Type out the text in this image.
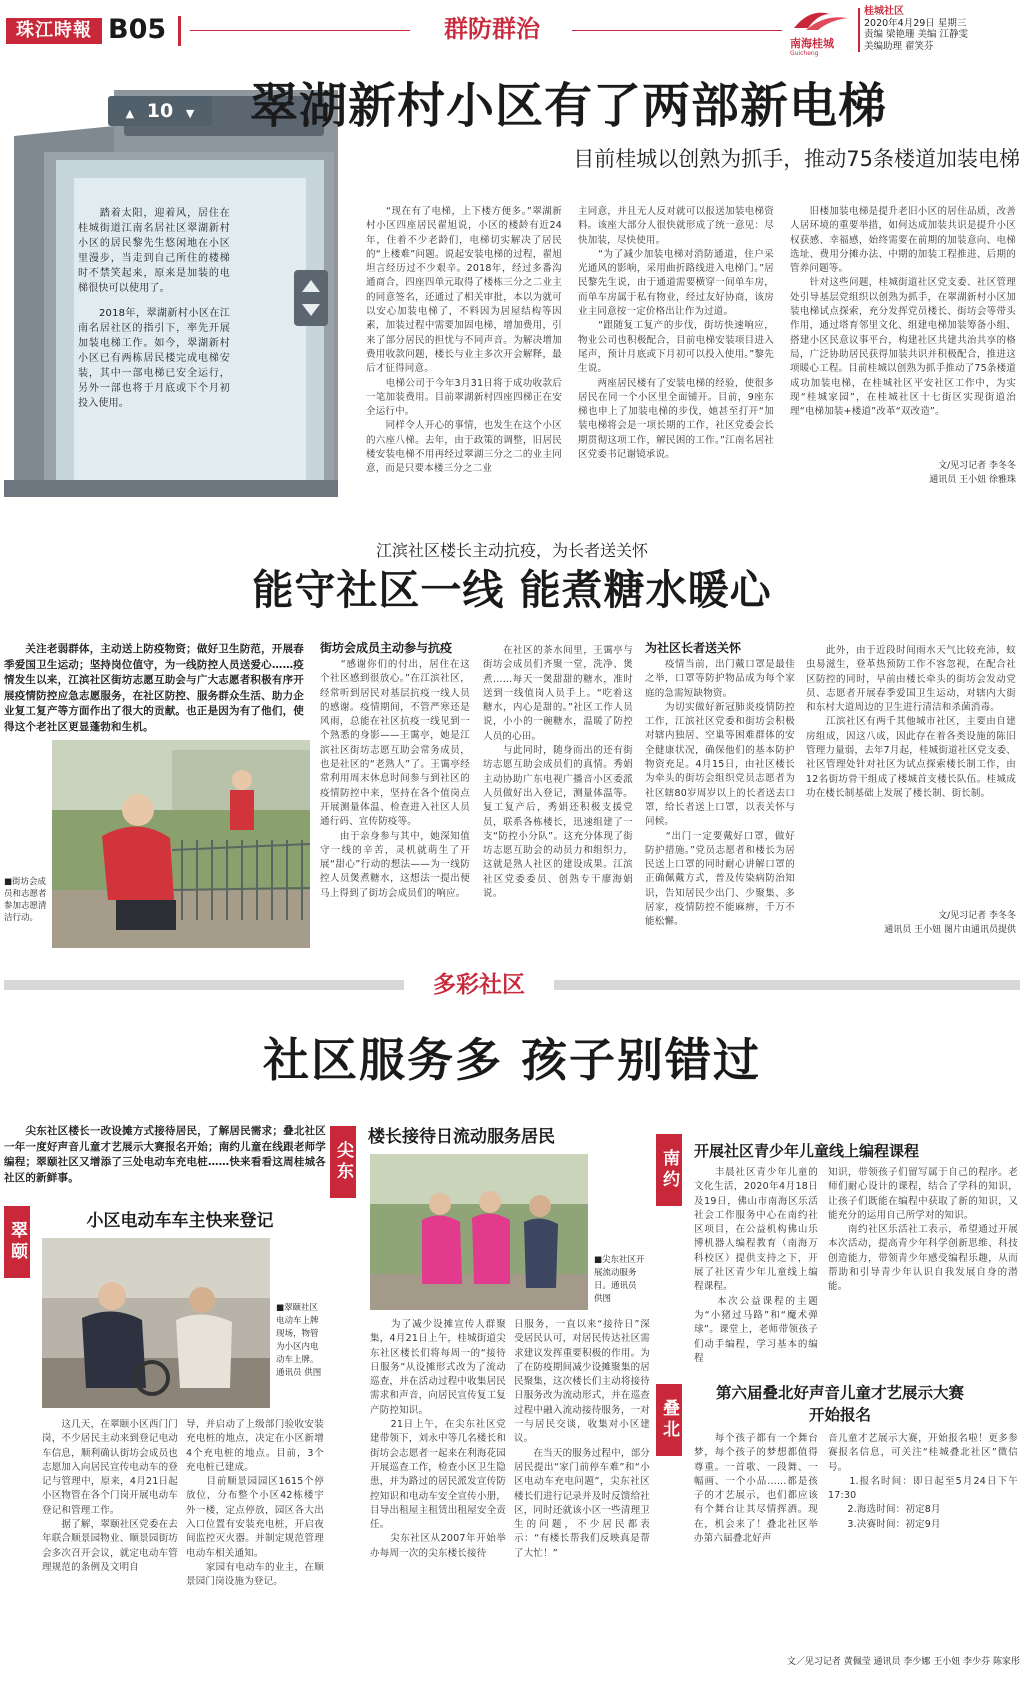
珠江時報 B05	群防群治
南海桂城
Guicheng
桂城社区
2020年4月29日 星期三
责编 梁艳珊 美编 江静雯
美编助理 翟笑芬
▲ 10 ▼
　　踏着太阳，迎着风，居住在桂城街道江南名居社区翠湖新村小区的居民黎先生悠闲地在小区里漫步，当走到自己所住的楼梯时不禁笑起来，原来是加装的电梯很快可以使用了。
　　2018年，翠湖新村小区在江南名居社区的指引下，率先开展加装电梯工作。如今，翠湖新村小区已有两栋居民楼完成电梯安装，其中一部电梯已安全运行，另外一部也将于月底或下个月初投入使用。
翠湖新村小区有了两部新电梯
目前桂城以创熟为抓手，推动75条楼道加装电梯
　　“现在有了电梯，上下楼方便多。”翠湖新村小区四座居民翟旭说，小区的楼龄有近24年，住着不少老龄们，电梯切实解决了居民的“上楼难”问题。说起安装电梯的过程，翟旭坦言经历过不少艰辛。2018年，经过多番沟通商合，四座四单元取得了楼栋三分之二业主的同意签名，还通过了相关审批，本以为就可以安心加装电梯了，不料因为居屋结构等因素，加装过程中需要加固电梯，增加费用，引来了部分居民的担忧与不同声音。为解决增加费用收款问题，楼长与业主多次开会解释，最后才征得同意。
　　电梯公司于今年3月31日将于成功收款后一笔加装费用。目前翠湖新村四座四梯正在安全运行中。
　　同样令人开心的事情，也发生在这个小区的六座八梯。去年，由于政策的调整，旧居民楼安装电梯不用再经过翠湖三分之二的业主同意，而是只要本楼三分之二业
主同意，并且无人反对就可以报送加装电梯资料。该座大部分人很快就形成了统一意见：尽快加装，尽快使用。
　　“为了减少加装电梯对消防通道，住户采光通风的影响，采用曲折路线进入电梯门。”居民黎先生说，由于通道需要横穿一间单车房，而单车房属于私有物业，经过友好协商，该房业主同意按一定价格出让作为过道。
　　“跟随复工复产的步伐，街坊快速响应，物业公司也积极配合，目前电梯安装项目进入尾声，预计月底或下月初可以投入使用。”黎先生说。
　　两座居民楼有了安装电梯的经验，使很多居民在同一个小区里全面铺开。目前，9座东梯也申上了加装电梯的步伐，她甚至打开“加装电梯将会是一项长期的工作，社区党委会长期贯彻这项工作，解民困的工作。”江南名居社区党委书记谢镜承说。
　　旧楼加装电梯是提升老旧小区的居住品质，改善人居环境的重要举措，如何达成加装共识是提升小区权获感、幸福感，始终需要在前期的加装意向、电梯选址、费用分摊办法、中期的加装工程推进、后期的管养问题等。
　　针对这些问题，桂城街道社区党支委、社区管理处引导基层党组织以创熟为抓手，在翠湖新村小区加装电梯试点探索，充分发挥党员楼长、街坊会等带头作用，通过塔育邻里文化、组建电梯加装筹备小组、搭建小区民意议事平台，构建社区共建共治共享的格局，广泛协助居民获得加装共识并积极配合，推进这项暖心工程。目前桂城以创熟为抓手推动了75条楼道成功加装电梯，在桂城社区平安社区工作中，为实现“桂城家园”，在桂城社区十七街区实现街道治理“电梯加装+楼道”改革“双改造”。
文/见习记者 李冬冬
通讯员 王小妞 徐雅珠
江滨社区楼长主动抗疫，为长者送关怀
能守社区一线 能煮糖水暖心
　　关注老弱群体，主动送上防疫物资；做好卫生防范，开展春季爱国卫生运动；坚持岗位值守，为一线防控人员送爱心……疫情发生以来，江滨社区街坊志愿互助会与广大志愿者积极有序开展疫情防控应急志愿服务，在社区防控、服务群众生活、助力企业复工复产等方面作出了很大的贡献。也正是因为有了他们，使得这个老社区更显蓬勃和生机。
■街坊会成员和志愿者参加志愿清洁行动。
街坊会成员主动参与抗疫
　　“感谢你们的付出，居住在这个社区感到很放心。”在江滨社区，经常听到居民对基层抗疫一线人员的感谢。疫情期间，不管严寒还是风雨，总能在社区抗疫一线见到一个熟悉的身影——王霭亭，她是江滨社区街坊志愿互助会常务成员，也是社区的“老熟人”了。王霭亭经常利用周末休息时间参与到社区的疫情防控中来，坚持在各个值岗点开展测量体温、检查进入社区人员通行码、宣传防疫等。
　　由于亲身参与其中，她深知值守一线的辛苦，灵机就萌生了开展“甜心”行动的想法——为一线防控人员煲煮糖水，这想法一提出便马上得到了街坊会成员们的响应。
　　在社区的茶水间里，王霭亭与街坊会成员们齐聚一堂，洗净、煲煮……每天一煲甜甜的糖水，准时送到一线值岗人员手上。“吃着这糖水，内心是甜的。”社区工作人员说，小小的一碗糖水，温暖了防控人员的心田。
　　与此同时，随身而出的还有街坊志愿互助会成员们的真情。秀娟主动协助广东电视广播音小区委派人员做好出入登记，测量体温等。复工复产后，秀娟还积极支援党员，联系各栋楼长，迅速组建了一支“防控小分队”。这充分体现了街坊志愿互助会的动员力和组织力，这就是熟人社区的建设成果。江滨社区党委委员、创熟专干廖海娟说。
为社区长者送关怀
　　疫情当前，出门戴口罩是最佳之举，口罩等防护物品成为每个家庭的急需短缺物资。
　　为切实做好新冠肺炎疫情防控工作，江滨社区党委和街坊会积极对辖内独居、空巢等困难群体的安全健康状况，确保他们的基本防护物资充足。4月15日，由社区楼长为牵头的街坊会组织党员志愿者为社区辖80岁周岁以上的长者送去口罩，给长者送上口罩，以表关怀与问候。
　　“出门一定要戴好口罩，做好防护措施。”党员志愿者和楼长为居民送上口罩的同时耐心讲解口罩的正确佩戴方式，普及传染病防治知识，告知居民少出门、少聚集、多居家，疫情防控不能麻痹，千万不能松懈。
　　此外，由于近段时间雨水天气比较充沛，蚊虫易滋生，登革热预防工作不容忽视，在配合社区防控的同时，早前由楼长牵头的街坊会发动党员、志愿者开展春季爱国卫生运动，对辖内大街和东村大道周边的卫生进行清洁和杀菌消毒。
　　江滨社区有两千其他城市社区，主要由自建房组成，因这八成，因此存在着各类设施的陈旧管理力量弱，去年7月起，桂城街道社区党支委、社区管理处针对社区为试点探索楼长制工作，由12名街坊骨干组成了楼城首支楼长队伍。桂城成功在楼长制基础上发展了楼长制、街长制。
文/见习记者 李冬冬
通讯员 王小妞 图片由通讯员提供
多彩社区
社区服务多 孩子别错过
　　尖东社区楼长一改设摊方式接待居民，了解居民需求；叠北社区一年一度好声音儿童才艺展示大赛报名开始；南约儿童在线跟老师学编程；翠颐社区又增添了三处电动车充电桩……快来看看这周桂城各社区的新鲜事。
翠颐	小区电动车车主快来登记
■翠颐社区电动车上牌现场，物管为小区内电动车上牌。通讯员 供图
　　这几天，在翠颐小区西门门岗，不少居民主动来到登记电动车信息，顺利确认街坊会成员也志愿加入向居民宣传电动车的登记与管理中，原来，4月21日起小区物管在各个门岗开展电动车登记和管理工作。
　　据了解，翠颐社区党委在去年联合顺景园物业、顺景园街坊会多次召开会议，就定电动车管理规范的条例及文明自
导，并启动了上级部门验收安装充电桩的地点，决定在小区新增4个充电桩的地点。目前，3个充电桩已建成。
　　目前顺景园园区1615个停放位，分布整个小区42栋楼宇外一楼，定点停放，园区各大出入口位置有安装充电桩，开启夜间监控灭火器。并制定规范管理电动车相关通知。
　　家园有电动车的业主，在顺景园门岗设施为登记。
尖东
楼长接待日流动服务居民
■尖东社区开展流动服务日。通讯员 供图
　　为了减少设摊宣传人群聚集，4月21日上午，桂城街道尖东社区楼长们将每周一的“接待日服务”从设摊形式改为了流动巡查，并在活动过程中收集居民需求和声音，向居民宣传复工复产防控知识。
　　21日上午，在尖东社区党建带领下，刘永中等几名楼长和街坊会志愿者一起来在利海花园开展巡查工作，检查小区卫生隐患，并为路过的居民派发宣传防控知识和电动车安全宣传小册，目导出租屋主租赁出租屋安全责任。
　　尖东社区从2007年开始举办每周一次的尖东楼长接待
日服务，一直以来“接待日”深受居民认可，对居民传达社区需求建议发挥重要积极的作用。为了在防疫期间减少设摊聚集的居民聚集，这次楼长们主动将接待日服务改为流动形式，并在巡查过程中融入流动接待服务，一对一与居民交谈，收集对小区建议。
　　在当天的服务过程中，部分居民提出“家门前停车难”和“小区电动车充电问题”，尖东社区楼长们进行记录并及时反馈给社区，同时还就该小区一些清理卫生的问题，不少居民都表示：“有楼长帮我们反映真是帮了大忙！”
南约 开展社区青少年儿童线上编程课程
　　丰晨社区青少年儿童的文化生活，2020年4月18日及19日，佛山市南海区乐活社会工作服务中心在南约社区项目，在公益机构佛山乐博机器人编程教育（南海万科校区）提供支持之下，开展了社区青少年儿童线上编程课程。
　　本次公益课程的主题为“小猪过马路”和“魔术弹球”。课堂上，老师带领孩子们动手编程，学习基本的编程
知识，带领孩子们留写属于自己的程序。老师们耐心设计的课程，结合了学科的知识，让孩子们既能在编程中获取了新的知识，又能充分的运用自己所学对的知识。
　　南约社区乐活社工表示，希望通过开展本次活动，提高青少年科学创新思维、科技创造能力，带领青少年感受编程乐趣，从而帮助和引导青少年认识自我发展自身的潜能。
叠北
第六届叠北好声音儿童才艺展示大赛开始报名
　　每个孩子都有一个舞台梦，每个孩子的梦想都值得尊重。一首歌、一段舞、一幅画、一个小品……都是孩子的才艺展示，也们都应该有个舞台让其尽情挥洒。现在，机会来了！叠北社区举办第六届叠北好声
音儿童才艺展示大赛，开始报名啦！更多参赛报名信息，可关注“桂城叠北社区”微信号。
　　1.报名时间：即日起至5月24日下午17:30
　　2.海选时间：初定8月
　　3.决赛时间：初定9月
文／见习记者 黄佩莹 通讯员 李少娜 王小妞 李少芬 陈家彤
